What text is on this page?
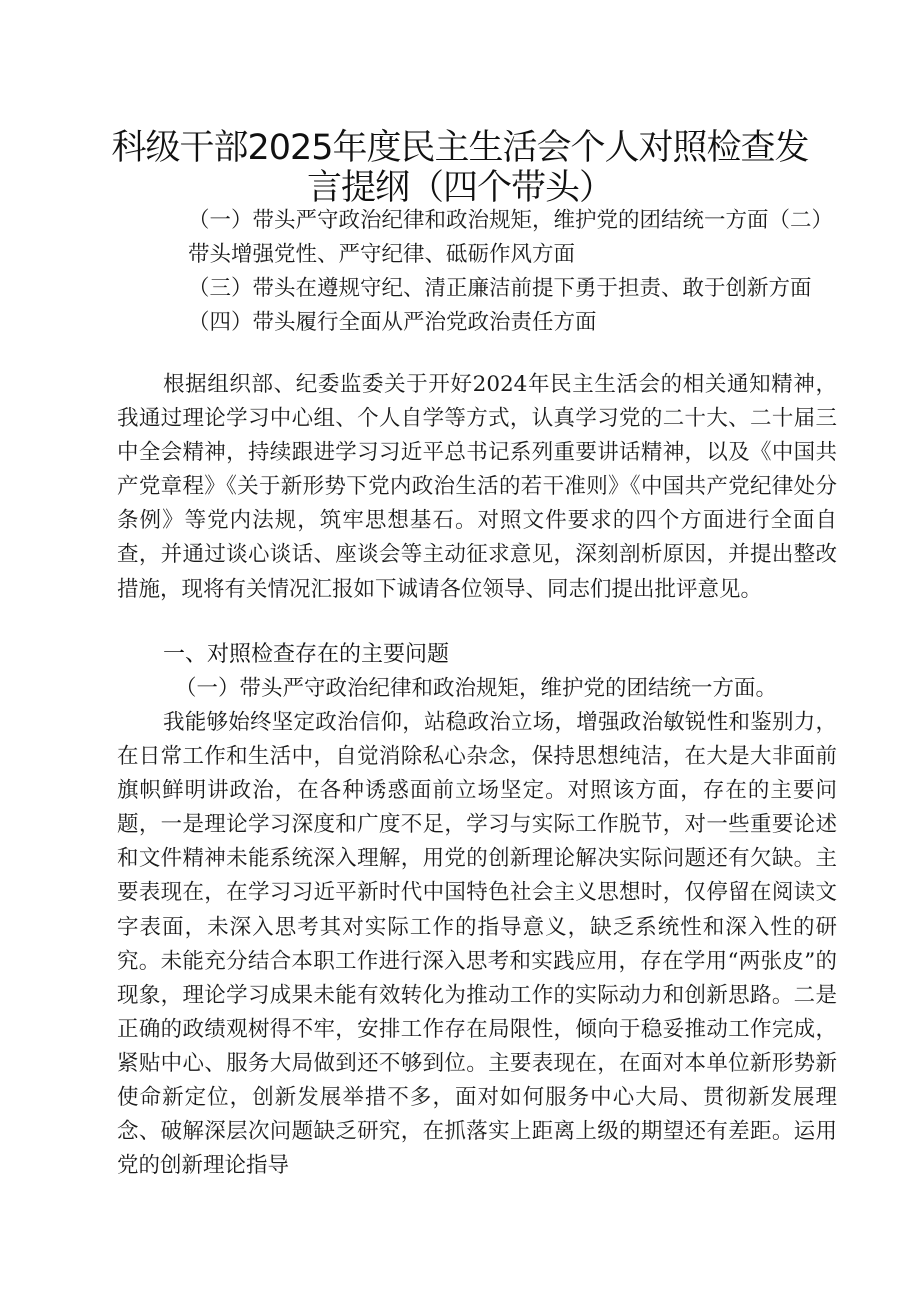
科级干部2025年度民主生活会个人对照检查发言提纲（四个带头）

（一）带头严守政治纪律和政治规矩，维护党的团结统一方面（二）带头增强党性、严守纪律、砥砺作风方面

（三）带头在遵规守纪、清正廉洁前提下勇于担责、敢于创新方面

（四）带头履行全面从严治党政治责任方面

根据组织部、纪委监委关于开好2024年民主生活会的相关通知精神，我通过理论学习中心组、个人自学等方式，认真学习党的二十大、二十届三中全会精神，持续跟进学习习近平总书记系列重要讲话精神，以及《中国共产党章程》《关于新形势下党内政治生活的若干准则》《中国共产党纪律处分条例》等党内法规，筑牢思想基石。对照文件要求的四个方面进行全面自查，并通过谈心谈话、座谈会等主动征求意见，深刻剖析原因，并提出整改措施，现将有关情况汇报如下诚请各位领导、同志们提出批评意见。

一、对照检查存在的主要问题
（一）带头严守政治纪律和政治规矩，维护党的团结统一方面。

我能够始终坚定政治信仰，站稳政治立场，增强政治敏锐性和鉴别力，在日常工作和生活中，自觉消除私心杂念，保持思想纯洁，在大是大非面前旗帜鲜明讲政治，在各种诱惑面前立场坚定。对照该方面，存在的主要问题，一是理论学习深度和广度不足，学习与实际工作脱节，对一些重要论述和文件精神未能系统深入理解，用党的创新理论解决实际问题还有欠缺。主要表现在，在学习习近平新时代中国特色社会主义思想时，仅停留在阅读文字表面，未深入思考其对实际工作的指导意义，缺乏系统性和深入性的研究。未能充分结合本职工作进行深入思考和实践应用，存在学用“两张皮”的现象，理论学习成果未能有效转化为推动工作的实际动力和创新思路。二是正确的政绩观树得不牢，安排工作存在局限性，倾向于稳妥推动工作完成，紧贴中心、服务大局做到还不够到位。主要表现在，在面对本单位新形势新使命新定位，创新发展举措不多，面对如何服务中心大局、贯彻新发展理念、破解深层次问题缺乏研究，在抓落实上距离上级的期望还有差距。运用党的创新理论指导
